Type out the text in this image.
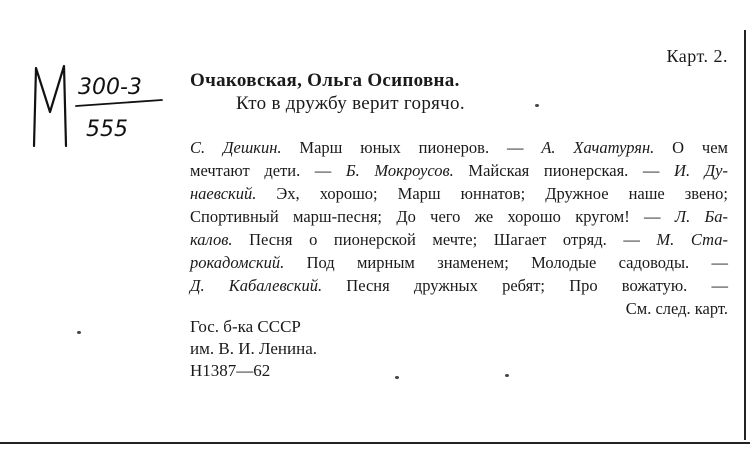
Карт. 2.
300-3
555
Очаковская, Ольга Осиповна.
Кто в дружбу верит горячо.
С. Дешкин. Марш юных пионеров. — А. Хачатурян. О чем
мечтают дети. — Б. Мокроусов. Майская пионерская. — И. Ду-
наевский. Эх, хорошо; Марш юннатов; Дружное наше звено;
Спортивный марш-песня; До чего же хорошо кругом! — Л. Ба-
калов. Песня о пионерской мечте; Шагает отряд. — М. Ста-
рокадомский. Под мирным знаменем; Молодые садоводы. —
Д. Кабалевский. Песня дружных ребят; Про вожатую. —
См. след. карт.
Гос. б-ка СССР
им. В. И. Ленина.
Н1387—62
